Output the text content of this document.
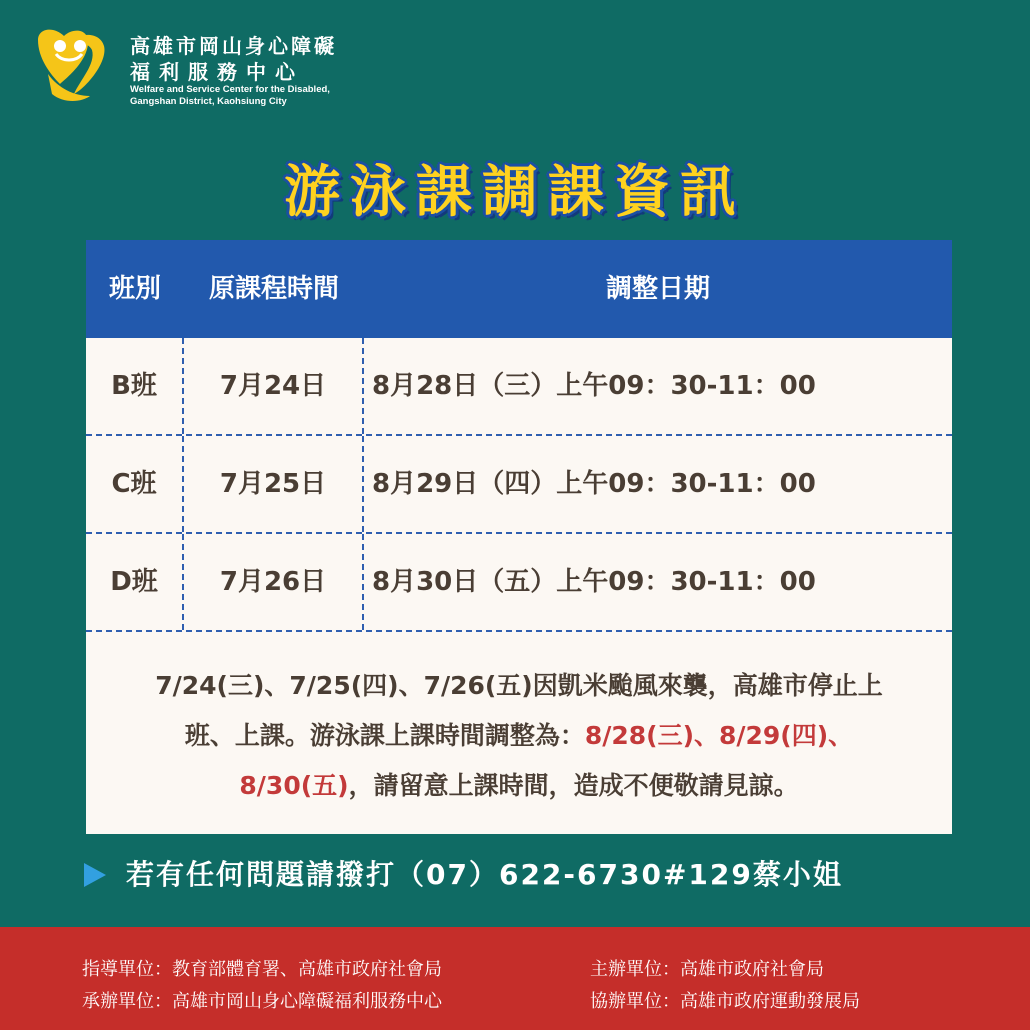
高雄市岡山身心障礙
福利服務中心
Welfare and Service Center for the Disabled,
Gangshan District, Kaohsiung City
游泳課調課資訊
班別	原課程時間	調整日期
B班	7月24日	8月28日（三）上午09：30-11：00
C班	7月25日	8月29日（四）上午09：30-11：00
D班	7月26日	8月30日（五）上午09：30-11：00
7/24(三)、7/25(四)、7/26(五)因凱米颱風來襲，高雄市停止上
班、上課。游泳課上課時間調整為：8/28(三)、8/29(四)、
8/30(五)，請留意上課時間，造成不便敬請見諒。
若有任何問題請撥打（07）622-6730#129蔡小姐
指導單位：教育部體育署、高雄市政府社會局
承辦單位：高雄市岡山身心障礙福利服務中心
主辦單位：高雄市政府社會局
協辦單位：高雄市政府運動發展局
